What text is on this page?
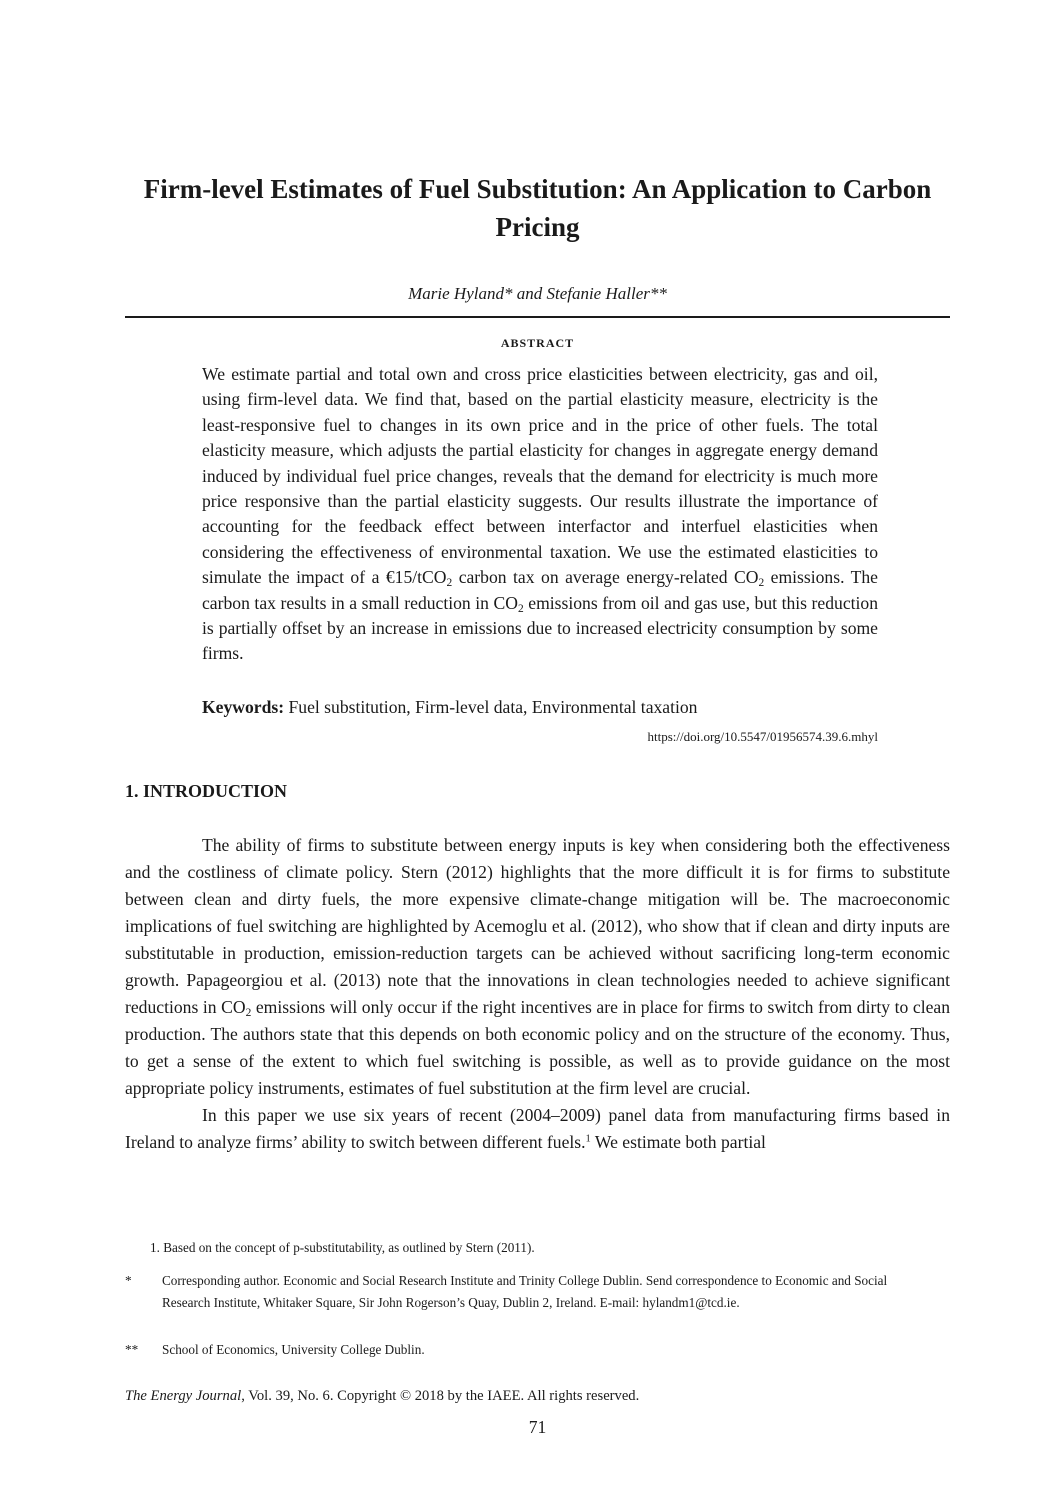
Firm-level Estimates of Fuel Substitution: An Application to Carbon Pricing
Marie Hyland* and Stefanie Haller**
ABSTRACT
We estimate partial and total own and cross price elasticities between electricity, gas and oil, using firm-level data. We find that, based on the partial elasticity measure, electricity is the least-responsive fuel to changes in its own price and in the price of other fuels. The total elasticity measure, which adjusts the partial elasticity for changes in aggregate energy demand induced by individual fuel price changes, reveals that the demand for electricity is much more price responsive than the partial elasticity suggests. Our results illustrate the importance of accounting for the feedback effect between interfactor and interfuel elasticities when considering the effectiveness of environmental taxation. We use the estimated elasticities to simulate the impact of a €15/tCO$_2$ carbon tax on average energy-related $CO_2$ emissions. The carbon tax results in a small reduction in $CO_2$ emissions from oil and gas use, but this reduction is partially offset by an increase in emissions due to increased electricity consumption by some firms.
Keywords: Fuel substitution, Firm-level data, Environmental taxation
https://doi.org/10.5547/01956574.39.6.mhyl
1. INTRODUCTION

The ability of firms to substitute between energy inputs is key when considering both the effectiveness and the costliness of climate policy. Stern (2012) highlights that the more difficult it is for firms to substitute between clean and dirty fuels, the more expensive climate-change mitigation will be. The macroeconomic implications of fuel switching are highlighted by Acemoglu et al. (2012), who show that if clean and dirty inputs are substitutable in production, emission-reduction targets can be achieved without sacrificing long-term economic growth. Papageorgiou et al. (2013) note that the innovations in clean technologies needed to achieve significant reductions in $CO_2$ emissions will only occur if the right incentives are in place for firms to switch from dirty to clean production. The authors state that this depends on both economic policy and on the structure of the economy. Thus, to get a sense of the extent to which fuel switching is possible, as well as to provide guidance on the most appropriate policy instruments, estimates of fuel substitution at the firm level are crucial.

In this paper we use six years of recent (2004–2009) panel data from manufacturing firms based in Ireland to analyze firms’ ability to switch between different fuels.$^1$ We estimate both partial

1. Based on the concept of p-substitutability, as outlined by Stern (2011).
* Corresponding author. Economic and Social Research Institute and Trinity College Dublin. Send correspondence to Economic and Social Research Institute, Whitaker Square, Sir John Rogerson’s Quay, Dublin 2, Ireland. E-mail: hylandm1@tcd.ie.
** School of Economics, University College Dublin.
The Energy Journal, Vol. 39, No. 6. Copyright © 2018 by the IAEE. All rights reserved.
71
